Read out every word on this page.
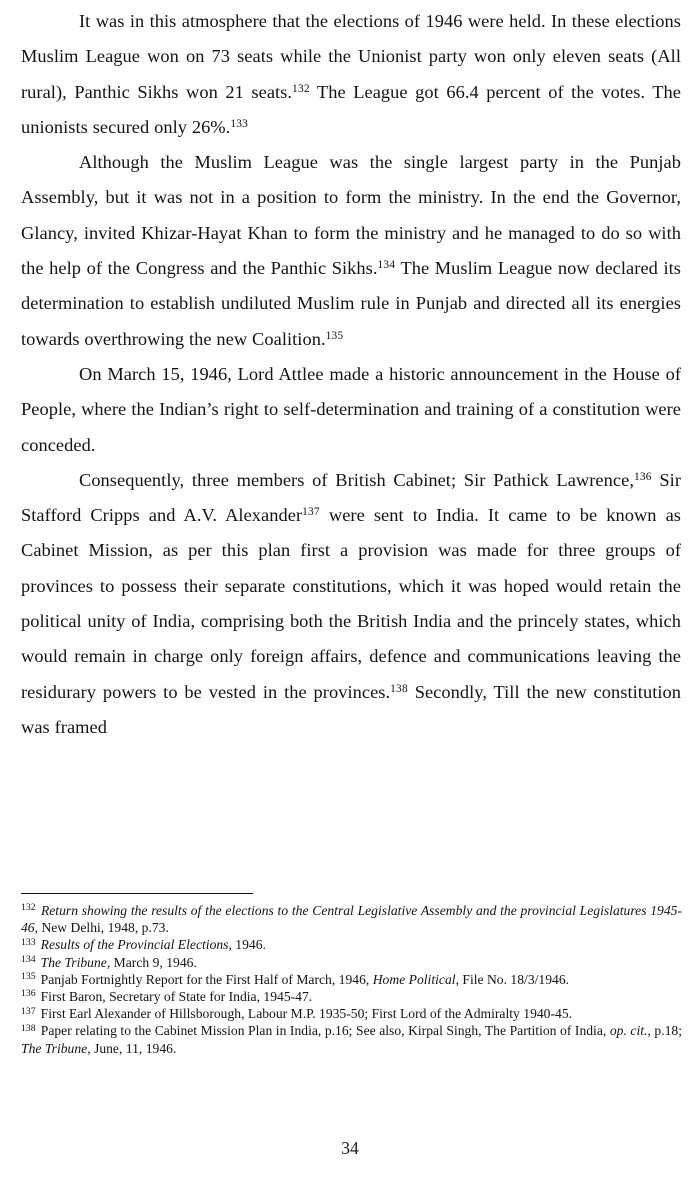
It was in this atmosphere that the elections of 1946 were held. In these elections Muslim League won on 73 seats while the Unionist party won only eleven seats (All rural), Panthic Sikhs won 21 seats.$^{132}$ The League got 66.4 percent of the votes. The unionists secured only 26%.$^{133}$

Although the Muslim League was the single largest party in the Punjab Assembly, but it was not in a position to form the ministry. In the end the Governor, Glancy, invited Khizar-Hayat Khan to form the ministry and he managed to do so with the help of the Congress and the Panthic Sikhs.$^{134}$ The Muslim League now declared its determination to establish undiluted Muslim rule in Punjab and directed all its energies towards overthrowing the new Coalition.$^{135}$

On March 15, 1946, Lord Attlee made a historic announcement in the House of People, where the Indian’s right to self-determination and training of a constitution were conceded.

Consequently, three members of British Cabinet; Sir Pathick Lawrence,$^{136}$ Sir Stafford Cripps and A.V. Alexander$^{137}$ were sent to India. It came to be known as Cabinet Mission, as per this plan first a provision was made for three groups of provinces to possess their separate constitutions, which it was hoped would retain the political unity of India, comprising both the British India and the princely states, which would remain in charge only foreign affairs, defence and communications leaving the residurary powers to be vested in the provinces.$^{138}$ Secondly, Till the new constitution was framed

$^{132}$ Return showing the results of the elections to the Central Legislative Assembly and the provincial Legislatures 1945-46, New Delhi, 1948, p.73.

$^{133}$ Results of the Provincial Elections, 1946.

$^{134}$ The Tribune, March 9, 1946.

$^{135}$ Panjab Fortnightly Report for the First Half of March, 1946, Home Political, File No. 18/3/1946.

$^{136}$ First Baron, Secretary of State for India, 1945-47.

$^{137}$ First Earl Alexander of Hillsborough, Labour M.P. 1935-50; First Lord of the Admiralty 1940-45.

$^{138}$ Paper relating to the Cabinet Mission Plan in India, p.16; See also, Kirpal Singh, The Partition of India, op. cit., p.18; The Tribune, June, 11, 1946.

34
